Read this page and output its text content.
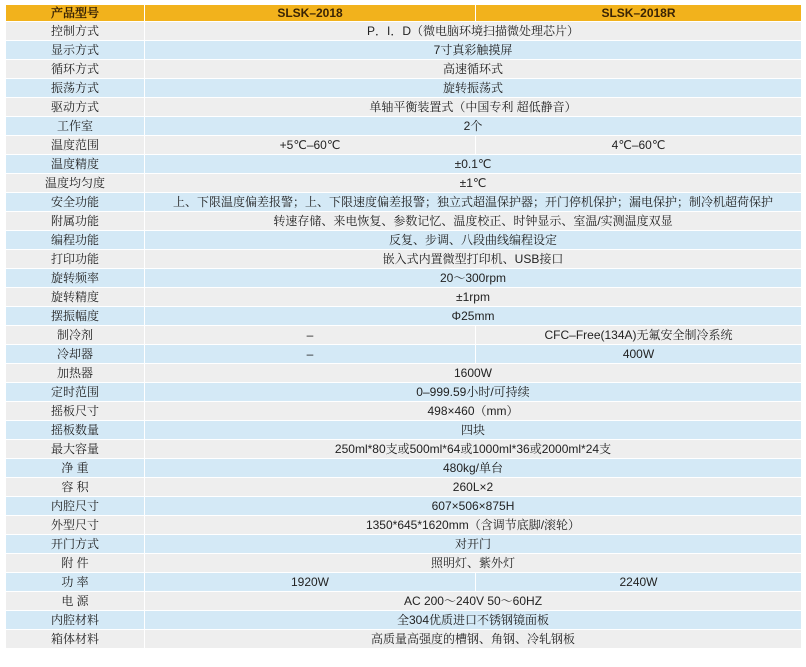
产品型号	SLSK–2018	SLSK–2018R
控制方式	P．I．D（微电脑环境扫描微处理芯片）	
显示方式	7寸真彩触摸屏	
循环方式	高速循环式	
振荡方式	旋转振荡式	
驱动方式	单轴平衡装置式（中国专利 超低静音）	
工作室	2个	
温度范围	+5℃–60℃	4℃–60℃
温度精度	±0.1℃	
温度均匀度	±1℃	
安全功能	上、下限温度偏差报警；上、下限速度偏差报警；独立式超温保护器；开门停机保护；漏电保护；制冷机超荷保护	
附属功能	转速存储、来电恢复、参数记忆、温度校正、时钟显示、室温/实测温度双显	
编程功能	反复、步调、八段曲线编程设定	
打印功能	嵌入式内置微型打印机、USB接口	
旋转频率	20～300rpm	
旋转精度	±1rpm	
摆振幅度	Φ25mm	
制冷剂	–	CFC–Free(134A)无氟安全制冷系统
冷却器	–	400W
加热器	1600W	
定时范围	0–999.59小时/可持续	
摇板尺寸	498×460（mm）	
摇板数量	四块	
最大容量	250ml*80支或500ml*64或1000ml*36或2000ml*24支	
净 重	480kg/单台	
容 积	260L×2	
内腔尺寸	607×506×875H	
外型尺寸	1350*645*1620mm（含调节底脚/滚轮）	
开门方式	对开门	
附 件	照明灯、紫外灯	
功 率	1920W	2240W
电 源	AC 200～240V 50～60HZ	
内腔材料	全304优质进口不锈钢镜面板	
箱体材料	高质量高强度的槽钢、角钢、冷轧钢板	
